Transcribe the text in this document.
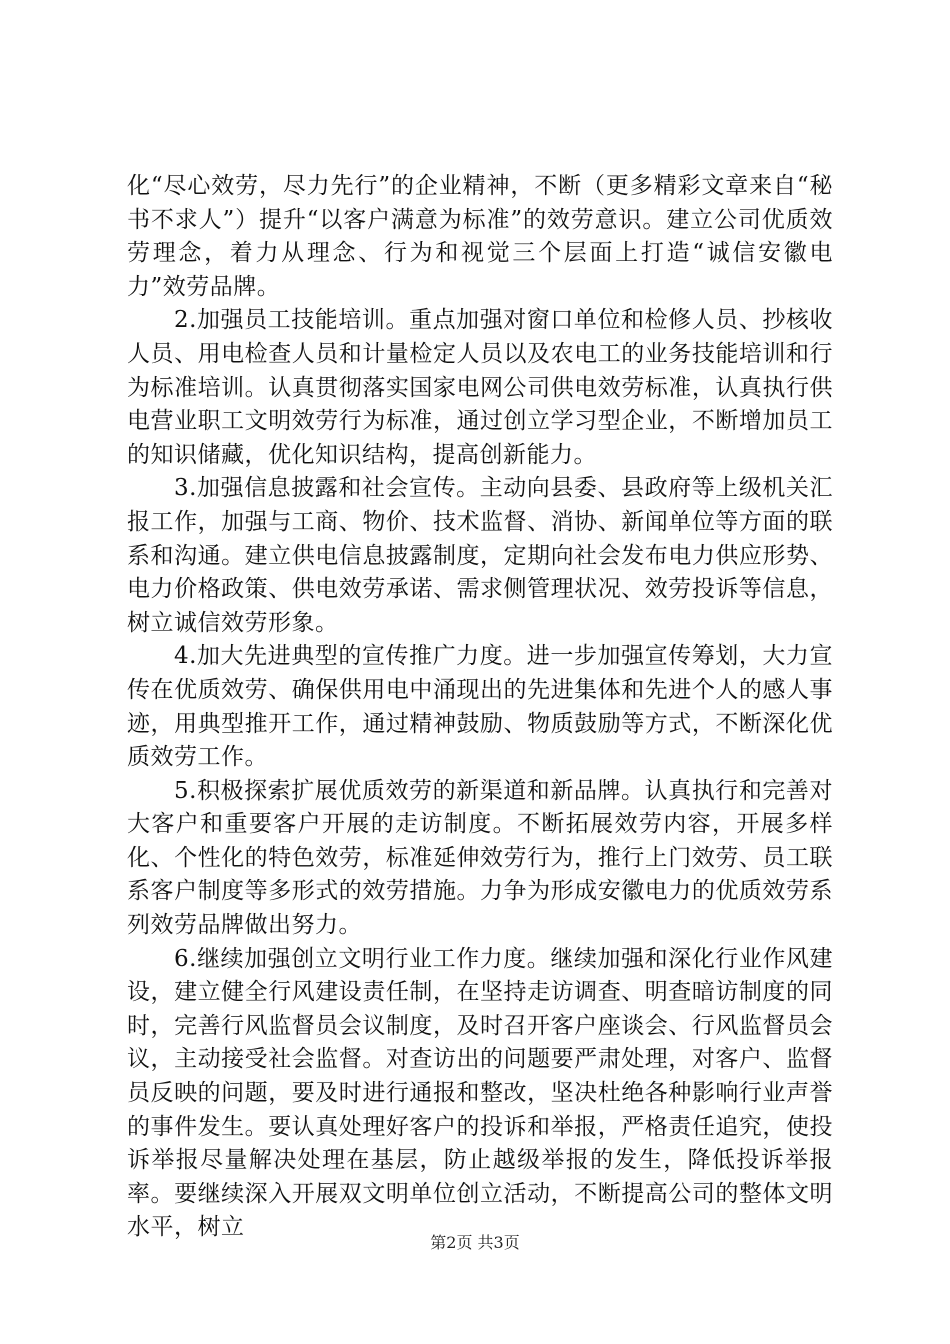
化“尽心效劳，尽力先行”的企业精神，不断（更多精彩文章来自“秘书不求人”）提升“以客户满意为标准”的效劳意识。建立公司优质效劳理念，着力从理念、行为和视觉三个层面上打造“诚信安徽电力”效劳品牌。

2.加强员工技能培训。重点加强对窗口单位和检修人员、抄核收人员、用电检查人员和计量检定人员以及农电工的业务技能培训和行为标准培训。认真贯彻落实国家电网公司供电效劳标准，认真执行供电营业职工文明效劳行为标准，通过创立学习型企业，不断增加员工的知识储藏，优化知识结构，提高创新能力。

3.加强信息披露和社会宣传。主动向县委、县政府等上级机关汇报工作，加强与工商、物价、技术监督、消协、新闻单位等方面的联系和沟通。建立供电信息披露制度，定期向社会发布电力供应形势、电力价格政策、供电效劳承诺、需求侧管理状况、效劳投诉等信息，树立诚信效劳形象。

4.加大先进典型的宣传推广力度。进一步加强宣传筹划，大力宣传在优质效劳、确保供用电中涌现出的先进集体和先进个人的感人事迹，用典型推开工作，通过精神鼓励、物质鼓励等方式，不断深化优质效劳工作。

5.积极探索扩展优质效劳的新渠道和新品牌。认真执行和完善对大客户和重要客户开展的走访制度。不断拓展效劳内容，开展多样化、个性化的特色效劳，标准延伸效劳行为，推行上门效劳、员工联系客户制度等多形式的效劳措施。力争为形成安徽电力的优质效劳系列效劳品牌做出努力。

6.继续加强创立文明行业工作力度。继续加强和深化行业作风建设，建立健全行风建设责任制，在坚持走访调查、明查暗访制度的同时，完善行风监督员会议制度，及时召开客户座谈会、行风监督员会议，主动接受社会监督。对查访出的问题要严肃处理，对客户、监督员反映的问题，要及时进行通报和整改，坚决杜绝各种影响行业声誉的事件发生。要认真处理好客户的投诉和举报，严格责任追究，使投诉举报尽量解决处理在基层，防止越级举报的发生，降低投诉举报率。要继续深入开展双文明单位创立活动，不断提高公司的整体文明水平，树立

第2页 共3页
